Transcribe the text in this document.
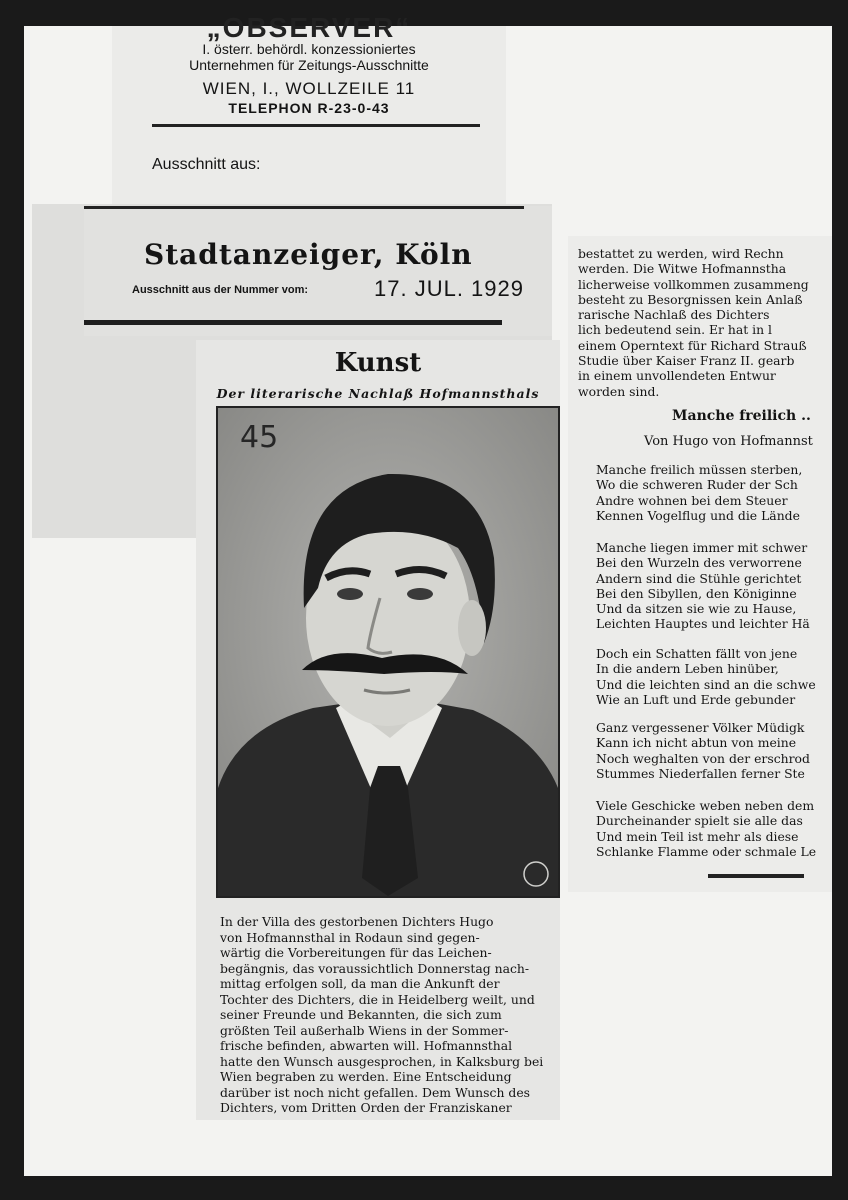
„OBSERVER“
I. österr. behördl. konzessioniertes
Unternehmen für Zeitungs-Ausschnitte
WIEN, I., WOLLZEILE 11
TELEPHON R-23-0-43
Ausschnitt aus:
Stadtanzeiger, Köln
Ausschnitt aus der Nummer vom:	17. JUL. 1929
Kunst
Der literarische Nachlaß Hofmannsthals
45

In der Villa des gestorbenen Dichters Hugo
von Hofmannsthal in Rodaun sind gegen-
wärtig die Vorbereitungen für das Leichen-
begängnis, das voraussichtlich Donnerstag nach-
mittag erfolgen soll, da man die Ankunft der
Tochter des Dichters, die in Heidelberg weilt, und
seiner Freunde und Bekannten, die sich zum
größten Teil außerhalb Wiens in der Sommer-
frische befinden, abwarten will. Hofmannsthal
hatte den Wunsch ausgesprochen, in Kalksburg bei
Wien begraben zu werden. Eine Entscheidung
darüber ist noch nicht gefallen. Dem Wunsch des
Dichters, vom Dritten Orden der Franziskaner

bestattet zu werden, wird Rechn

werden. Die Witwe Hofmannstha

licherweise vollkommen zusammeng

besteht zu Besorgnissen kein Anlaß

rarische Nachlaß des Dichters

lich bedeutend sein. Er hat in l

einem Operntext für Richard Strauß

Studie über Kaiser Franz II. gearb

in einem unvollendeten Entwur

worden sind.

Manche freilich ..
Von Hugo von Hofmannst

Manche freilich müssen sterben,

Wo die schweren Ruder der Sch

Andre wohnen bei dem Steuer

Kennen Vogelflug und die Lände

Manche liegen immer mit schwer

Bei den Wurzeln des verworrene

Andern sind die Stühle gerichtet

Bei den Sibyllen, den Königinne

Und da sitzen sie wie zu Hause,

Leichten Hauptes und leichter Hä

Doch ein Schatten fällt von jene

In die andern Leben hinüber,

Und die leichten sind an die schwe

Wie an Luft und Erde gebunder

Ganz vergessener Völker Müdigk

Kann ich nicht abtun von meine

Noch weghalten von der erschrod

Stummes Niederfallen ferner Ste

Viele Geschicke weben neben dem

Durcheinander spielt sie alle das

Und mein Teil ist mehr als diese

Schlanke Flamme oder schmale Le
